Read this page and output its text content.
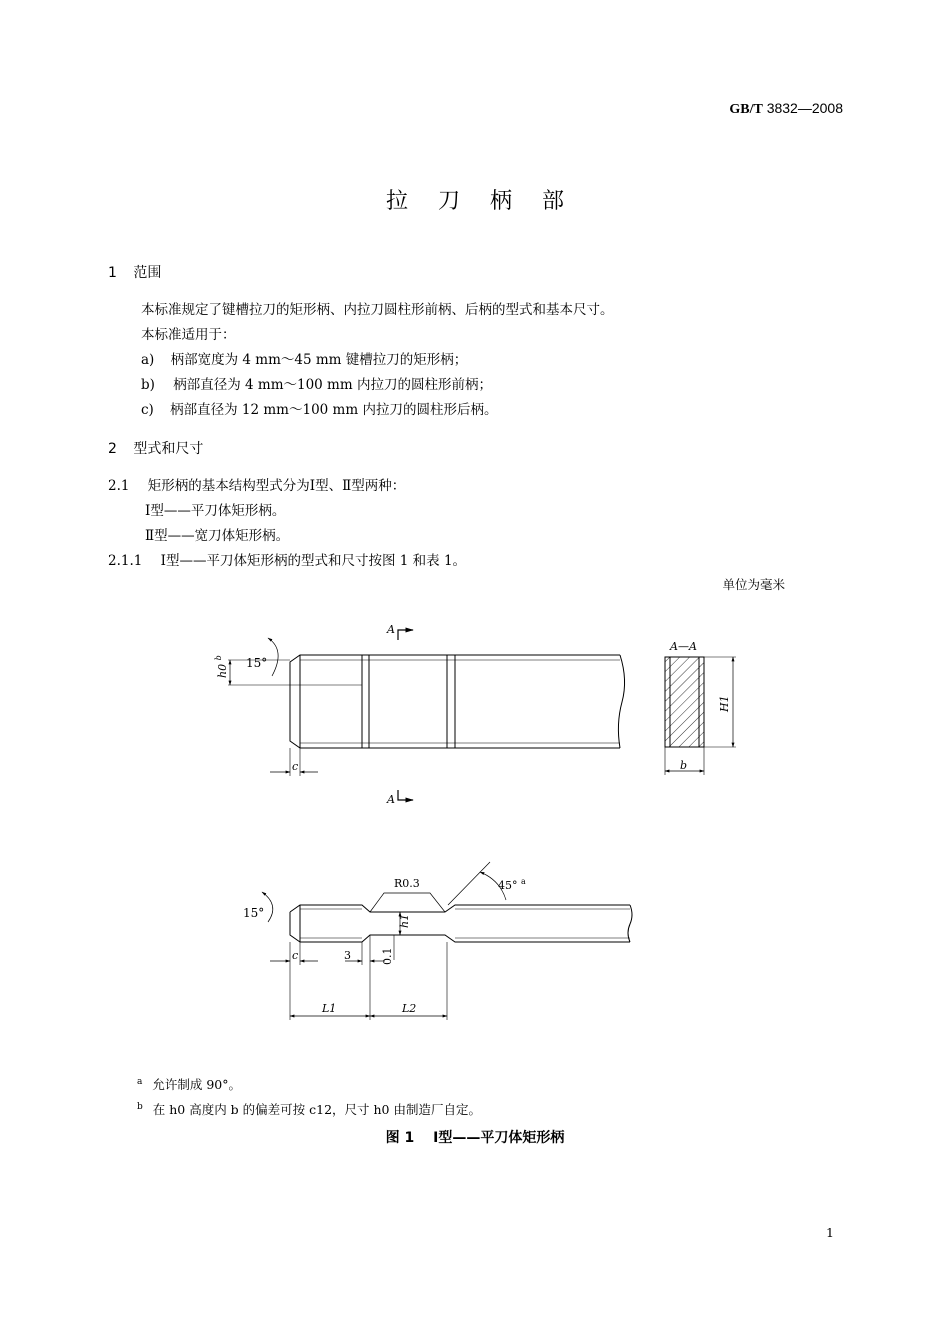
GB/T 3832—2008
拉刀柄部
1 范围
本标准规定了键槽拉刀的矩形柄、内拉刀圆柱形前柄、后柄的型式和基本尺寸。
本标准适用于：
a) 柄部宽度为 4 mm～45 mm 键槽拉刀的矩形柄；
b) 柄部直径为 4 mm～100 mm 内拉刀的圆柱形前柄；
c) 柄部直径为 12 mm～100 mm 内拉刀的圆柱形后柄。
2 型式和尺寸
2.1 矩形柄的基本结构型式分为Ⅰ型、Ⅱ型两种：
Ⅰ型——平刀体矩形柄。
Ⅱ型——宽刀体矩形柄。
2.1.1 Ⅰ型——平刀体矩形柄的型式和尺寸按图 1 和表 1。
单位为毫米
A
A
15°
c
h0 $^b$
A—A
H1
b
R0.3	45° $^a$
15°
h1
0.1
3
c
L1	L2
$^a$ 允许制成 90°。
$^b$ 在 h0 高度内 b 的偏差可按 c12，尺寸 h0 由制造厂自定。
图 1 Ⅰ型——平刀体矩形柄
1
